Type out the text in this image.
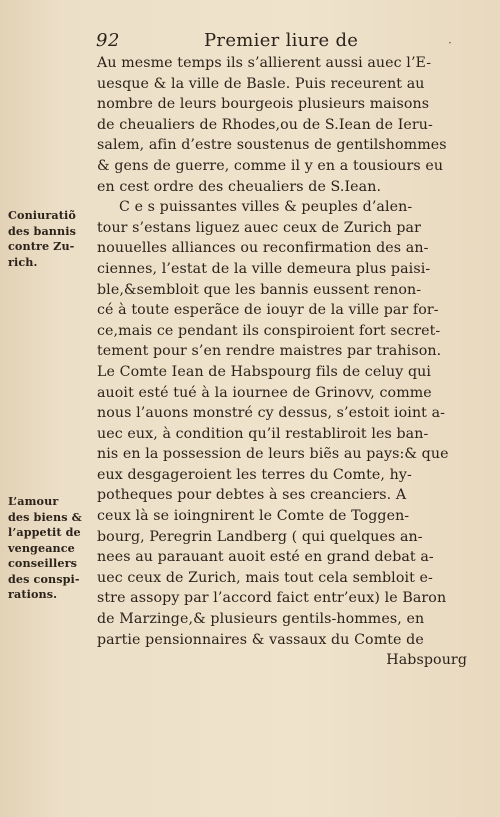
92	Premier liure de	·
Au mesme temps ils s’allierent aussi auec l’E-
uesque & la ville de Basle. Puis receurent au
nombre de leurs bourgeois plusieurs maisons
de cheualiers de Rhodes,ou de S.Iean de Ieru-
salem, afin d’estre soustenus de gentilshommes
& gens de guerre, comme il y en a tousiours eu
en cest ordre des cheualiers de S.Iean.
C e s puissantes villes & peuples d’alen-
tour s’estans liguez auec ceux de Zurich par
nouuelles alliances ou reconfirmation des an-
ciennes, l’estat de la ville demeura plus paisi-
ble,&sembloit que les bannis eussent renon-
cé à toute esperãce de iouyr de la ville par for-
ce,mais ce pendant ils conspiroient fort secret-
tement pour s’en rendre maistres par trahison.
Le Comte Iean de Habspourg fils de celuy qui
auoit esté tué à la iournee de Grinovv, comme
nous l’auons monstré cy dessus, s’estoit ioint a-
uec eux, à condition qu’il restabliroit les ban-
nis en la possession de leurs biẽs au pays:& que
eux desgageroient les terres du Comte, hy-
potheques pour debtes à ses creanciers. A
ceux là se ioingnirent le Comte de Toggen-
bourg, Peregrin Landberg ( qui quelques an-
nees au parauant auoit esté en grand debat a-
uec ceux de Zurich, mais tout cela sembloit e-
stre assopy par l’accord faict entr’eux) le Baron
de Marzinge,& plusieurs gentils-hommes, en
partie pensionnaires & vassaux du Comte de
Habspourg
Coniuratiõ
des bannis
contre Zu-
rich.
L’amour
des biens &
l’appetit de
vengeance
conseillers
des conspi-
rations.
